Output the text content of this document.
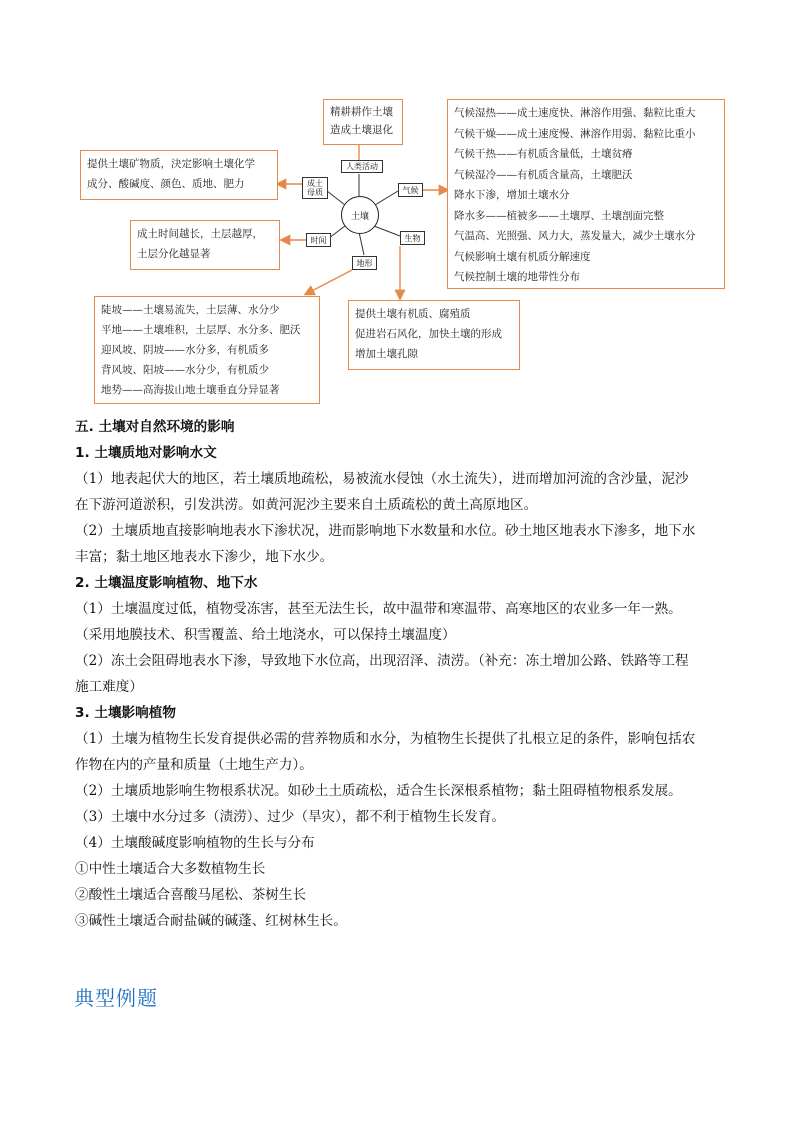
土壤
人类活动
成土
母质	气候
时间	生物
地形
精耕耕作土壤
造成土壤退化
提供土壤矿物质，決定影响土壤化学
成分、酸碱度、颜色、质地、肥力
成土时间越长，土层越厚，
土层分化越显著
气候湿热——成土速度快、淋溶作用强、黏粒比重大
气候干燥——成土速度慢、淋溶作用弱、黏粒比重小
气候干热——有机质含量低，土壤贫瘠
气候湿冷——有机质含量高，土壤肥沃
降水下渗，增加土壤水分
降水多——植被多——土壤厚、土壤剖面完整
气温高、光照强、风力大，蒸发量大，减少土壤水分
气候影响土壤有机质分解速度
气候控制土壤的地带性分布
陡坡——土壤易流失，土层薄、水分少
平地——土壤堆积，土层厚、水分多、肥沃
迎风坡、阴坡——水分多，有机质多
背风坡、阳坡——水分少，有机质少
地势——高海拔山地土壤垂直分异显著
提供土壤有机质、腐殖质
促进岩石风化，加快土壤的形成
增加土壤孔隙
五. 土壤对自然环境的影响
1. 土壤质地对影响水文
（1）地表起伏大的地区，若土壤质地疏松，易被流水侵蚀（水土流失），进而增加河流的含沙量，泥沙
在下游河道淤积，引发洪涝。如黄河泥沙主要来自土质疏松的黄土高原地区。
（2）土壤质地直接影响地表水下渗状况，进而影响地下水数量和水位。砂土地区地表水下渗多，地下水
丰富；黏土地区地表水下渗少，地下水少。
2. 土壤温度影响植物、地下水
（1）土壤温度过低，植物受冻害，甚至无法生长，故中温带和寒温带、高寒地区的农业多一年一熟。
（采用地膜技术、积雪覆盖、给土地浇水，可以保持土壤温度）
（2）冻土会阻碍地表水下渗，导致地下水位高，出现沼泽、渍涝。（补充：冻土增加公路、铁路等工程
施工难度）
3. 土壤影响植物
（1）土壤为植物生长发育提供必需的营养物质和水分，为植物生长提供了扎根立足的条件，影响包括农
作物在内的产量和质量（土地生产力）。
（2）土壤质地影响生物根系状况。如砂土土质疏松，适合生长深根系植物；黏土阻碍植物根系发展。
（3）土壤中水分过多（渍涝）、过少（旱灾），都不利于植物生长发育。
（4）土壤酸碱度影响植物的生长与分布
①中性土壤适合大多数植物生长
②酸性土壤适合喜酸马尾松、茶树生长
③碱性土壤适合耐盐碱的碱蓬、红树林生长。
典型例题
